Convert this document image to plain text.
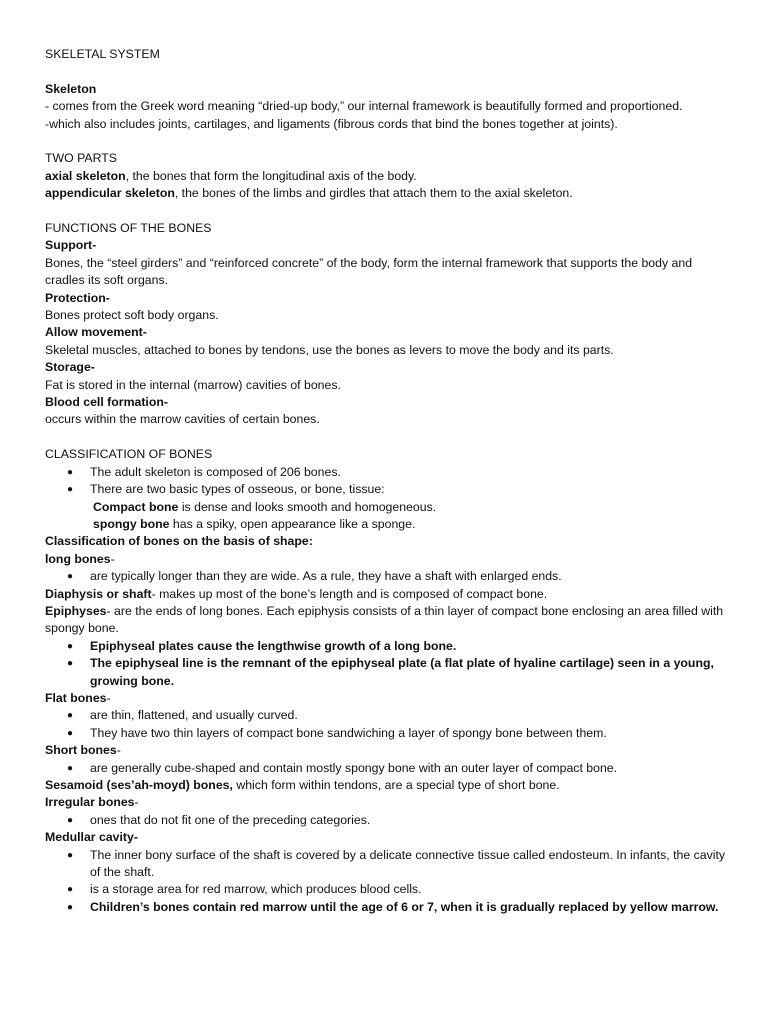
SKELETAL SYSTEM

Skeleton

- comes from the Greek word meaning “dried-up body,” our internal framework is beautifully formed and proportioned.

-which also includes joints, cartilages, and ligaments (fibrous cords that bind the bones together at joints).

TWO PARTS

axial skeleton, the bones that form the longitudinal axis of the body.

appendicular skeleton, the bones of the limbs and girdles that attach them to the axial skeleton.

FUNCTIONS OF THE BONES

Support-

Bones, the “steel girders” and “reinforced concrete” of the body, form the internal framework that supports the body and cradles its soft organs.

Protection-

Bones protect soft body organs.

Allow movement-

Skeletal muscles, attached to bones by tendons, use the bones as levers to move the body and its parts.

Storage-

Fat is stored in the internal (marrow) cavities of bones.

Blood cell formation-

occurs within the marrow cavities of certain bones.

CLASSIFICATION OF BONES

● The adult skeleton is composed of 206 bones.
● There are two basic types of osseous, or bone, tissue:

Compact bone is dense and looks smooth and homogeneous.

spongy bone has a spiky, open appearance like a sponge.

Classification of bones on the basis of shape:

long bones-

● are typically longer than they are wide. As a rule, they have a shaft with enlarged ends.

Diaphysis or shaft- makes up most of the bone’s length and is composed of compact bone.

Epiphyses- are the ends of long bones. Each epiphysis consists of a thin layer of compact bone enclosing an area filled with spongy bone.

● Epiphyseal plates cause the lengthwise growth of a long bone.
● The epiphyseal line is the remnant of the epiphyseal plate (a flat plate of hyaline cartilage) seen in a young, growing bone.

Flat bones-

● are thin, flattened, and usually curved.
● They have two thin layers of compact bone sandwiching a layer of spongy bone between them.

Short bones-

● are generally cube-shaped and contain mostly spongy bone with an outer layer of compact bone.

Sesamoid (ses’ah-moyd) bones, which form within tendons, are a special type of short bone.

Irregular bones-

● ones that do not fit one of the preceding categories.

Medullar cavity-

● The inner bony surface of the shaft is covered by a delicate connective tissue called endosteum. In infants, the cavity of the shaft.
● is a storage area for red marrow, which produces blood cells.
● Children’s bones contain red marrow until the age of 6 or 7, when it is gradually replaced by yellow marrow.
